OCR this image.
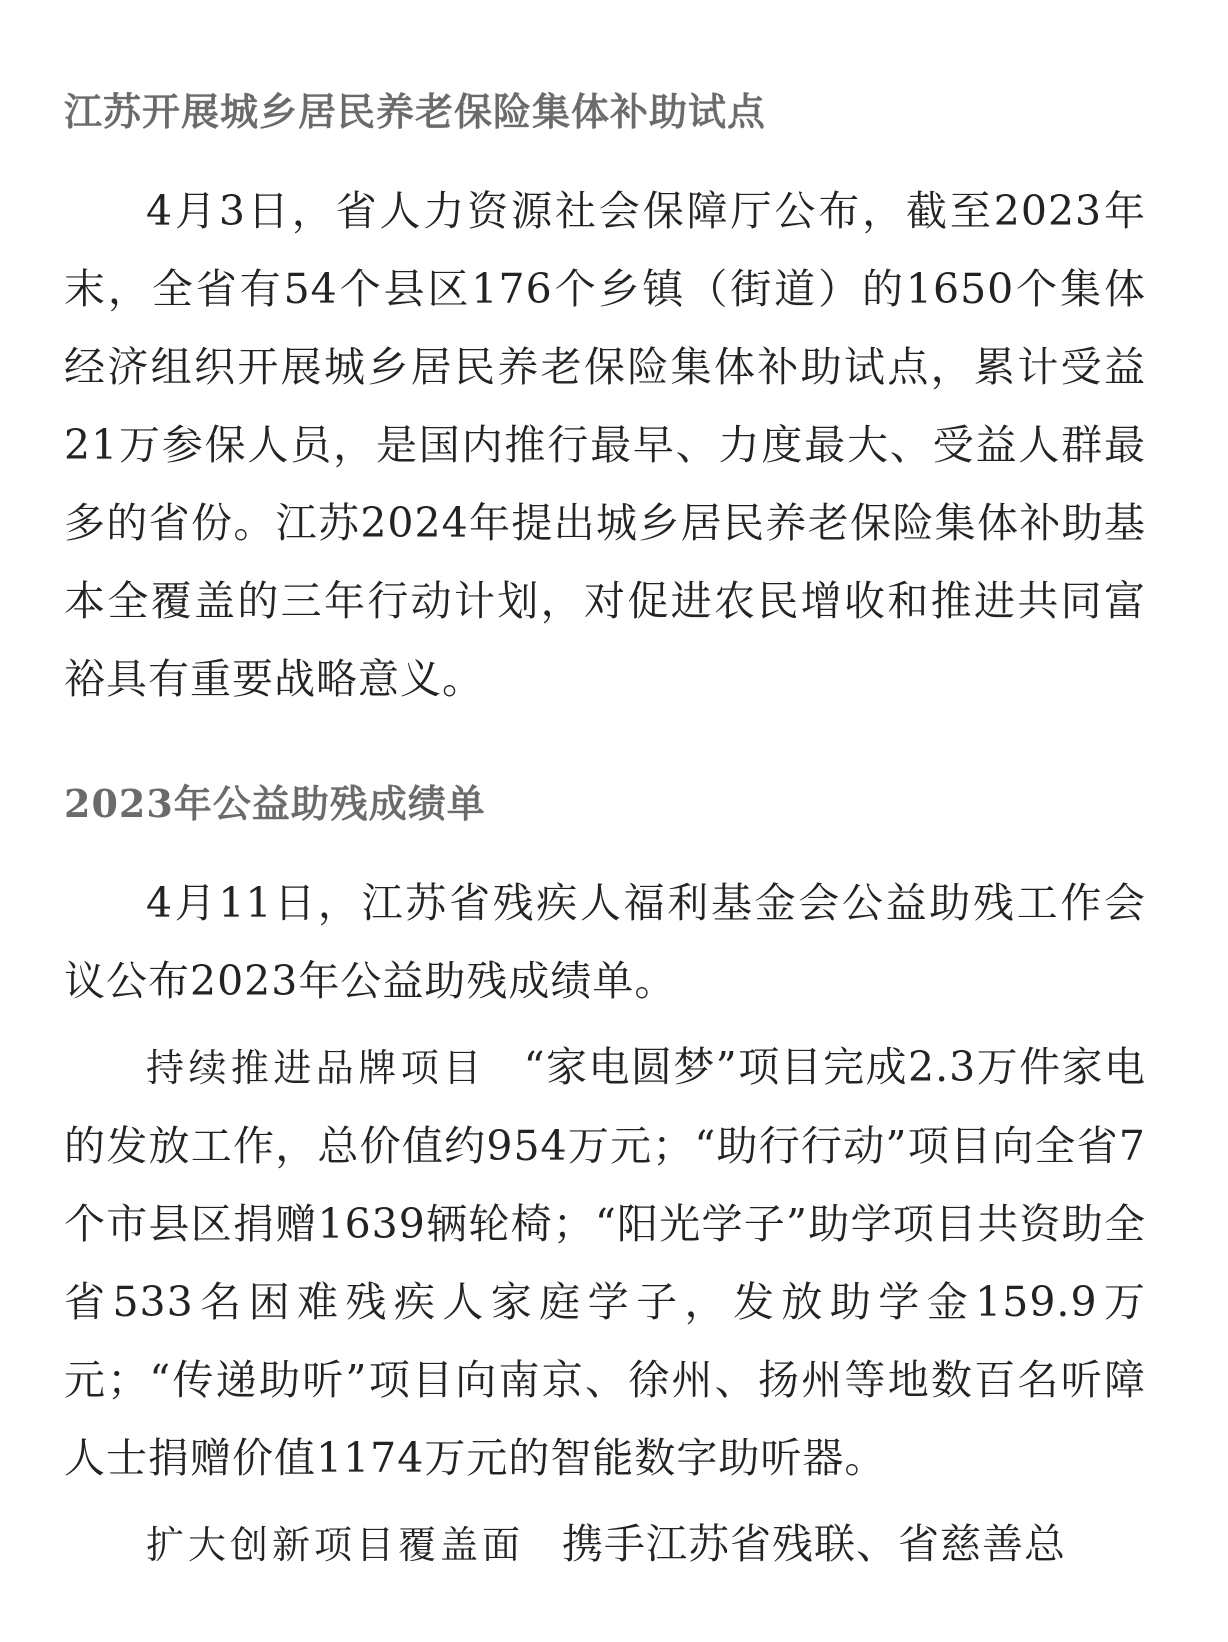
江苏开展城乡居民养老保险集体补助试点

4月3日，省人力资源社会保障厅公布，截至2023年末，全省有54个县区176个乡镇（街道）的1650个集体经济组织开展城乡居民养老保险集体补助试点，累计受益21万参保人员，是国内推行最早、力度最大、受益人群最多的省份。江苏2024年提出城乡居民养老保险集体补助基本全覆盖的三年行动计划，对促进农民增收和推进共同富裕具有重要战略意义。

2023年公益助残成绩单

4月11日，江苏省残疾人福利基金会公益助残工作会议公布2023年公益助残成绩单。

持续推进品牌项目 “家电圆梦”项目完成2.3万件家电的发放工作，总价值约954万元；“助行行动”项目向全省7个市县区捐赠1639辆轮椅；“阳光学子”助学项目共资助全省533名困难残疾人家庭学子，发放助学金159.9万元；“传递助听”项目向南京、徐州、扬州等地数百名听障人士捐赠价值1174万元的智能数字助听器。

扩大创新项目覆盖面 携手江苏省残联、省慈善总
